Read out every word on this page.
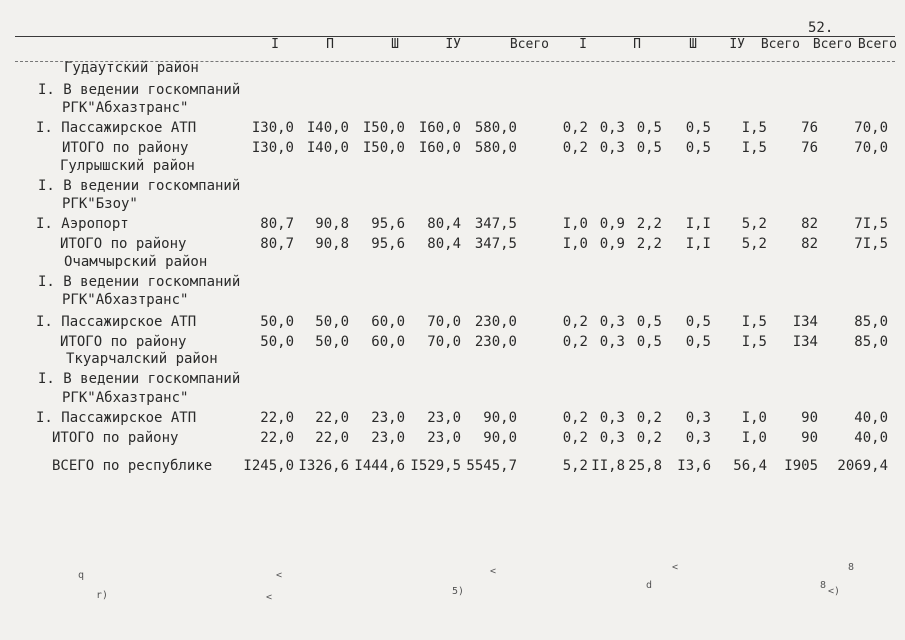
52.
I	П	Ш	ІУ	Всего I	П	Ш ІУ Всего Всего Всего
Гудаутский район
I. В ведении госкомпаний
РГК"Абхазтранс"
I. Пассажирское АТП	I30,0 I40,0 I50,0 I60,0 580,0	0,2 0,3 0,5 0,5 I,5 76	70,0
ИТОГО по району	I30,0 I40,0 I50,0 I60,0 580,0	0,2 0,3 0,5 0,5 I,5 76	70,0
Гулрышский район
I. В ведении госкомпаний
РГК"Бзоу"
I. Аэропорт	80,7 90,8 95,6 80,4 347,5	I,0 0,9 2,2 I,I 5,2 82	7I,5
ИТОГО по району	80,7 90,8 95,6 80,4 347,5	I,0 0,9 2,2 I,I 5,2 82	7I,5
Очамчырский район
I. В ведении госкомпаний
РГК"Абхазтранс"
I. Пассажирское АТП	50,0 50,0 60,0 70,0 230,0	0,2 0,3 0,5 0,5 I,5 I34	85,0
ИТОГО по району	50,0 50,0 60,0 70,0 230,0	0,2 0,3 0,5 0,5 I,5 I34	85,0
Ткуарчалский район
I. В ведении госкомпаний
РГК"Абхазтранс"
I. Пассажирское АТП	22,0 22,0 23,0 23,0 90,0	0,2 0,3 0,2 0,3 I,0 90	40,0
ИТОГО по району	22,0 22,0 23,0 23,0 90,0	0,2 0,3 0,2 0,3 I,0 90	40,0
ВСЕГО по республике I245,0 I326,6 I444,6 I529,5 5545,7	5,2 II,8 25,8 I3,6 56,4 I905 2069,4
q	<	<
d
<
8
8
r)	<
5)	<)
